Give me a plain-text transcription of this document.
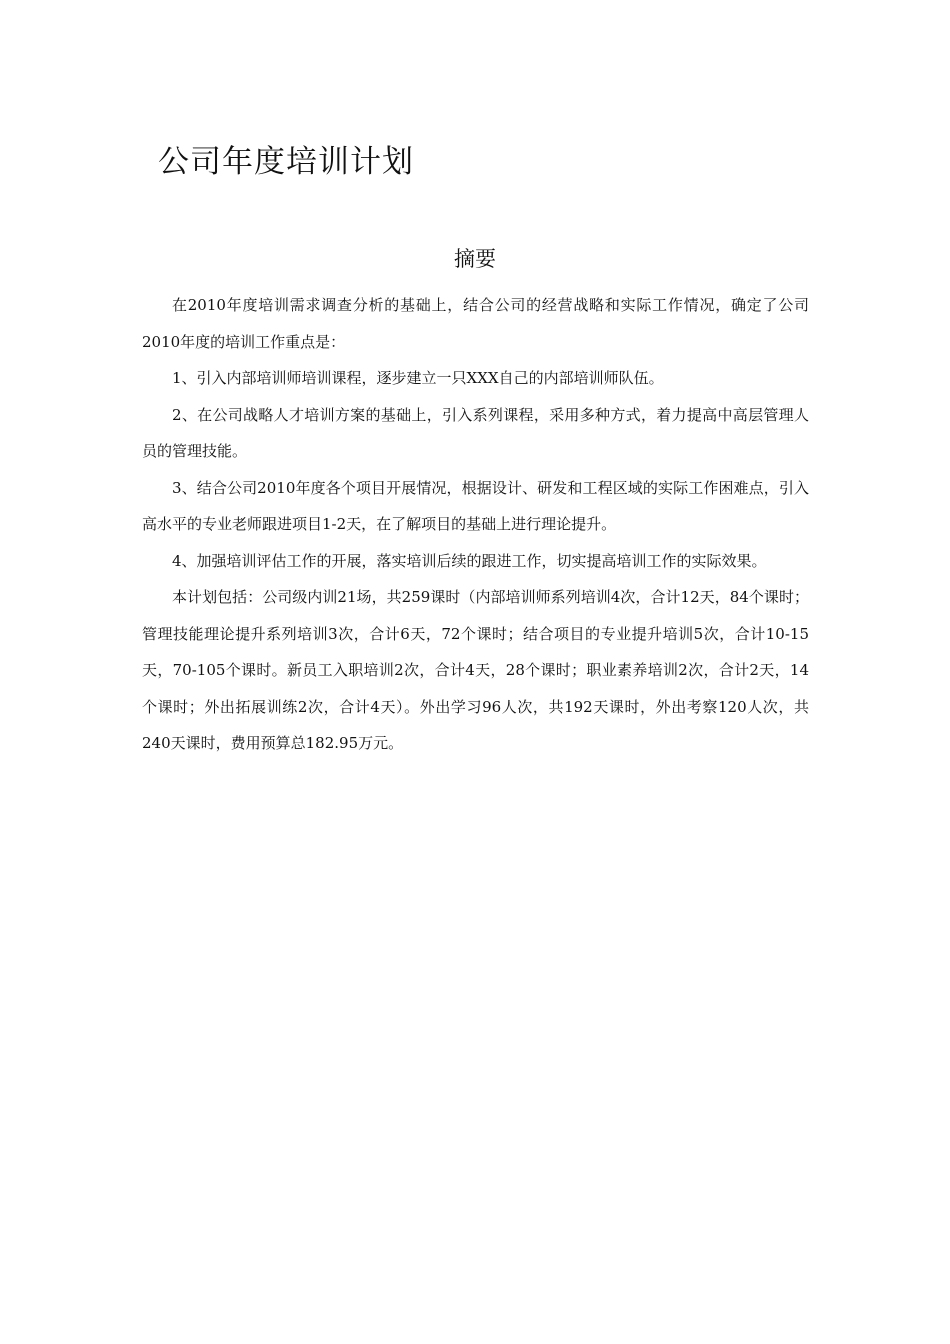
公司年度培训计划
摘要

在2010年度培训需求调查分析的基础上，结合公司的经营战略和实际工作情况，确定了公司2010年度的培训工作重点是：

1、引入内部培训师培训课程，逐步建立一只XXX自己的内部培训师队伍。

2、在公司战略人才培训方案的基础上，引入系列课程，采用多种方式，着力提高中高层管理人员的管理技能。

3、结合公司2010年度各个项目开展情况，根据设计、研发和工程区域的实际工作困难点，引入高水平的专业老师跟进项目1-2天，在了解项目的基础上进行理论提升。

4、加强培训评估工作的开展，落实培训后续的跟进工作，切实提高培训工作的实际效果。

本计划包括：公司级内训21场，共259课时（内部培训师系列培训4次，合计12天，84个课时；管理技能理论提升系列培训3次，合计6天，72个课时；结合项目的专业提升培训5次，合计10-15天，70-105个课时。新员工入职培训2次，合计4天，28个课时；职业素养培训2次，合计2天，14个课时；外出拓展训练2次，合计4天）。外出学习96人次，共192天课时，外出考察120人次，共240天课时，费用预算总182.95万元。
